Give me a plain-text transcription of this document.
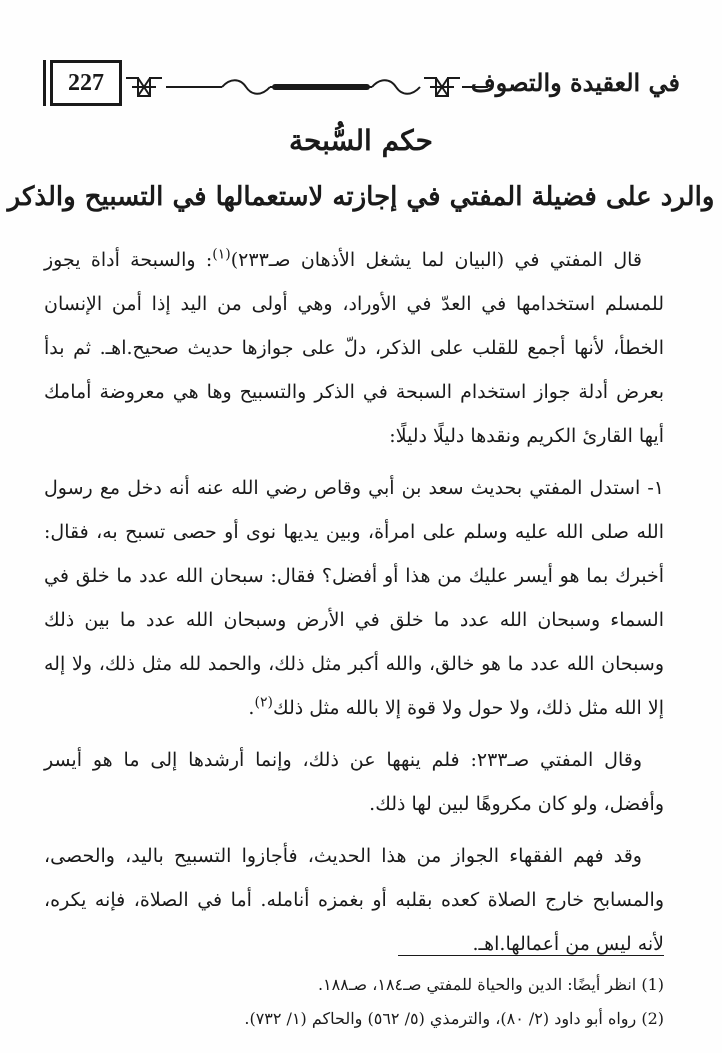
227	في العقيدة والتصوف
حكم السُّبحة
والرد على فضيلة المفتي في إجازته لاستعمالها في التسبيح والذكر

قال المفتي في (البيان لما يشغل الأذهان صـ٢٣٣)$^{(١)}$: والسبحة أداة يجوز للمسلم استخدامها في العدّ في الأوراد، وهي أولى من اليد إذا أمن الإنسان الخطأ، لأنها أجمع للقلب على الذكر، دلّ على جوازها حديث صحيح.اهـ. ثم بدأ بعرض أدلة جواز استخدام السبحة في الذكر والتسبيح وها هي معروضة أمامك أيها القارئ الكريم ونقدها دليلًا دليلًا:

١- استدل المفتي بحديث سعد بن أبي وقاص رضي الله عنه أنه دخل مع رسول الله صلى الله عليه وسلم على امرأة، وبين يديها نوى أو حصى تسبح به، فقال: أخبرك بما هو أيسر عليك من هذا أو أفضل؟ فقال: سبحان الله عدد ما خلق في السماء وسبحان الله عدد ما خلق في الأرض وسبحان الله عدد ما بين ذلك وسبحان الله عدد ما هو خالق، والله أكبر مثل ذلك، والحمد لله مثل ذلك، ولا إله إلا الله مثل ذلك، ولا حول ولا قوة إلا بالله مثل ذلك$^{(٢)}$.

وقال المفتي صـ٢٣٣: فلم ينهها عن ذلك، وإنما أرشدها إلى ما هو أيسر وأفضل، ولو كان مكروهًا لبين لها ذلك.

وقد فهم الفقهاء الجواز من هذا الحديث، فأجازوا التسبيح باليد، والحصى، والمسابح خارج الصلاة كعده بقلبه أو بغمزه أنامله. أما في الصلاة، فإنه يكره، لأنه ليس من أعمالها.اهـ.

(1) انظر أيضًا: الدين والحياة للمفتي صـ١٨٤، صـ١٨٨.

(2) رواه أبو داود (٢/ ٨٠)، والترمذي (٥/ ٥٦٢) والحاكم (١/ ٧٣٢).
